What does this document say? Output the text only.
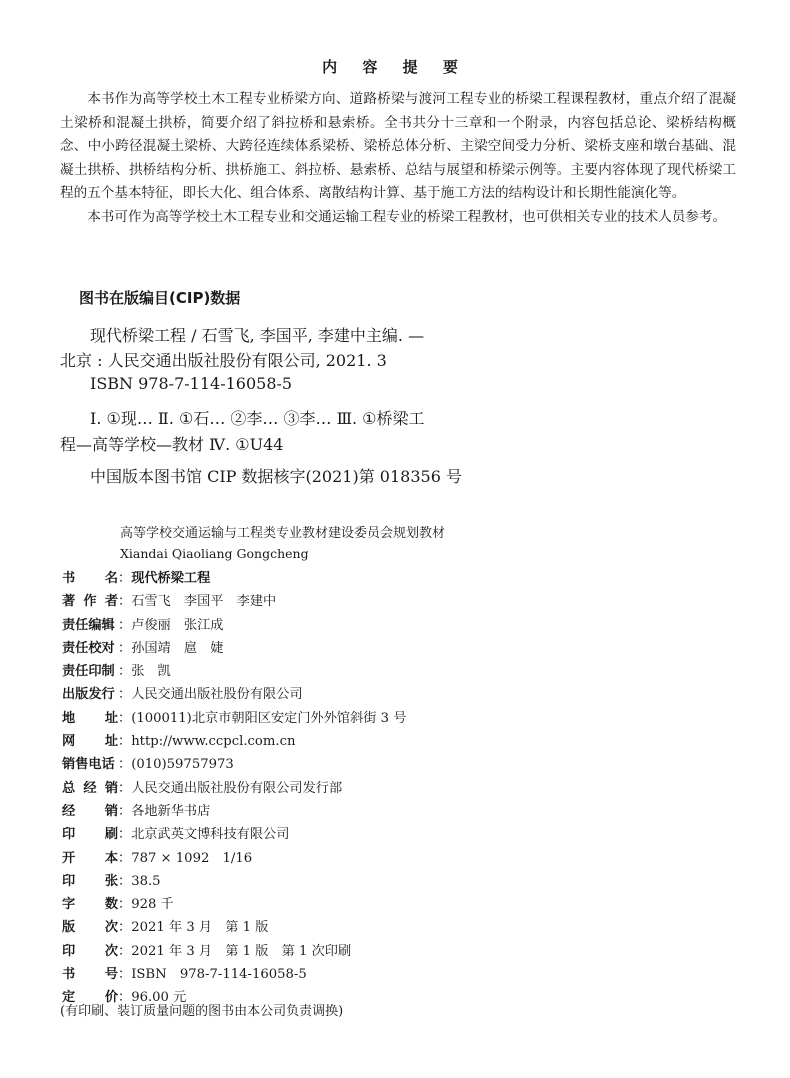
内 容 提 要

本书作为高等学校土木工程专业桥梁方向、道路桥梁与渡河工程专业的桥梁工程课程教材，重点介绍了混凝土梁桥和混凝土拱桥，简要介绍了斜拉桥和悬索桥。全书共分十三章和一个附录，内容包括总论、梁桥结构概念、中小跨径混凝土梁桥、大跨径连续体系梁桥、梁桥总体分析、主梁空间受力分析、梁桥支座和墩台基础、混凝土拱桥、拱桥结构分析、拱桥施工、斜拉桥、悬索桥、总结与展望和桥梁示例等。主要内容体现了现代桥梁工程的五个基本特征，即长大化、组合体系、离散结构计算、基于施工方法的结构设计和长期性能演化等。

本书可作为高等学校土木工程专业和交通运输工程专业的桥梁工程教材，也可供相关专业的技术人员参考。

图书在版编目(CIP)数据
现代桥梁工程 / 石雪飞, 李国平, 李建中主编. —
北京 : 人民交通出版社股份有限公司, 2021. 3
ISBN 978-7-114-16058-5
Ⅰ. ①现… Ⅱ. ①石… ②李… ③李… Ⅲ. ①桥梁工
程—高等学校—教材 Ⅳ. ①U44
中国版本图书馆 CIP 数据核字(2021)第 018356 号
高等学校交通运输与工程类专业教材建设委员会规划教材
Xiandai Qiaoliang Gongcheng
书 名 ： 现代桥梁工程
著 作 者 ： 石雪飞　李国平　李建中
责任编辑 ： 卢俊丽　张江成
责任校对 ： 孙国靖　扈　婕
责任印制 ： 张　凯
出版发行 ： 人民交通出版社股份有限公司
地 址 ： (100011)北京市朝阳区安定门外外馆斜街 3 号
网 址 ： http://www.ccpcl.com.cn
销售电话 ： (010)59757973
总 经 销 ： 人民交通出版社股份有限公司发行部
经 销 ： 各地新华书店
印 刷 ： 北京武英文博科技有限公司
开 本 ： 787 × 1092　1/16
印 张 ： 38.5
字 数 ： 928 千
版 次 ： 2021 年 3 月　第 1 版
印 次 ： 2021 年 3 月　第 1 版　第 1 次印刷
书 号 ： ISBN　978-7-114-16058-5
定 价 ： 96.00 元
(有印刷、装订质量问题的图书由本公司负责调换)
